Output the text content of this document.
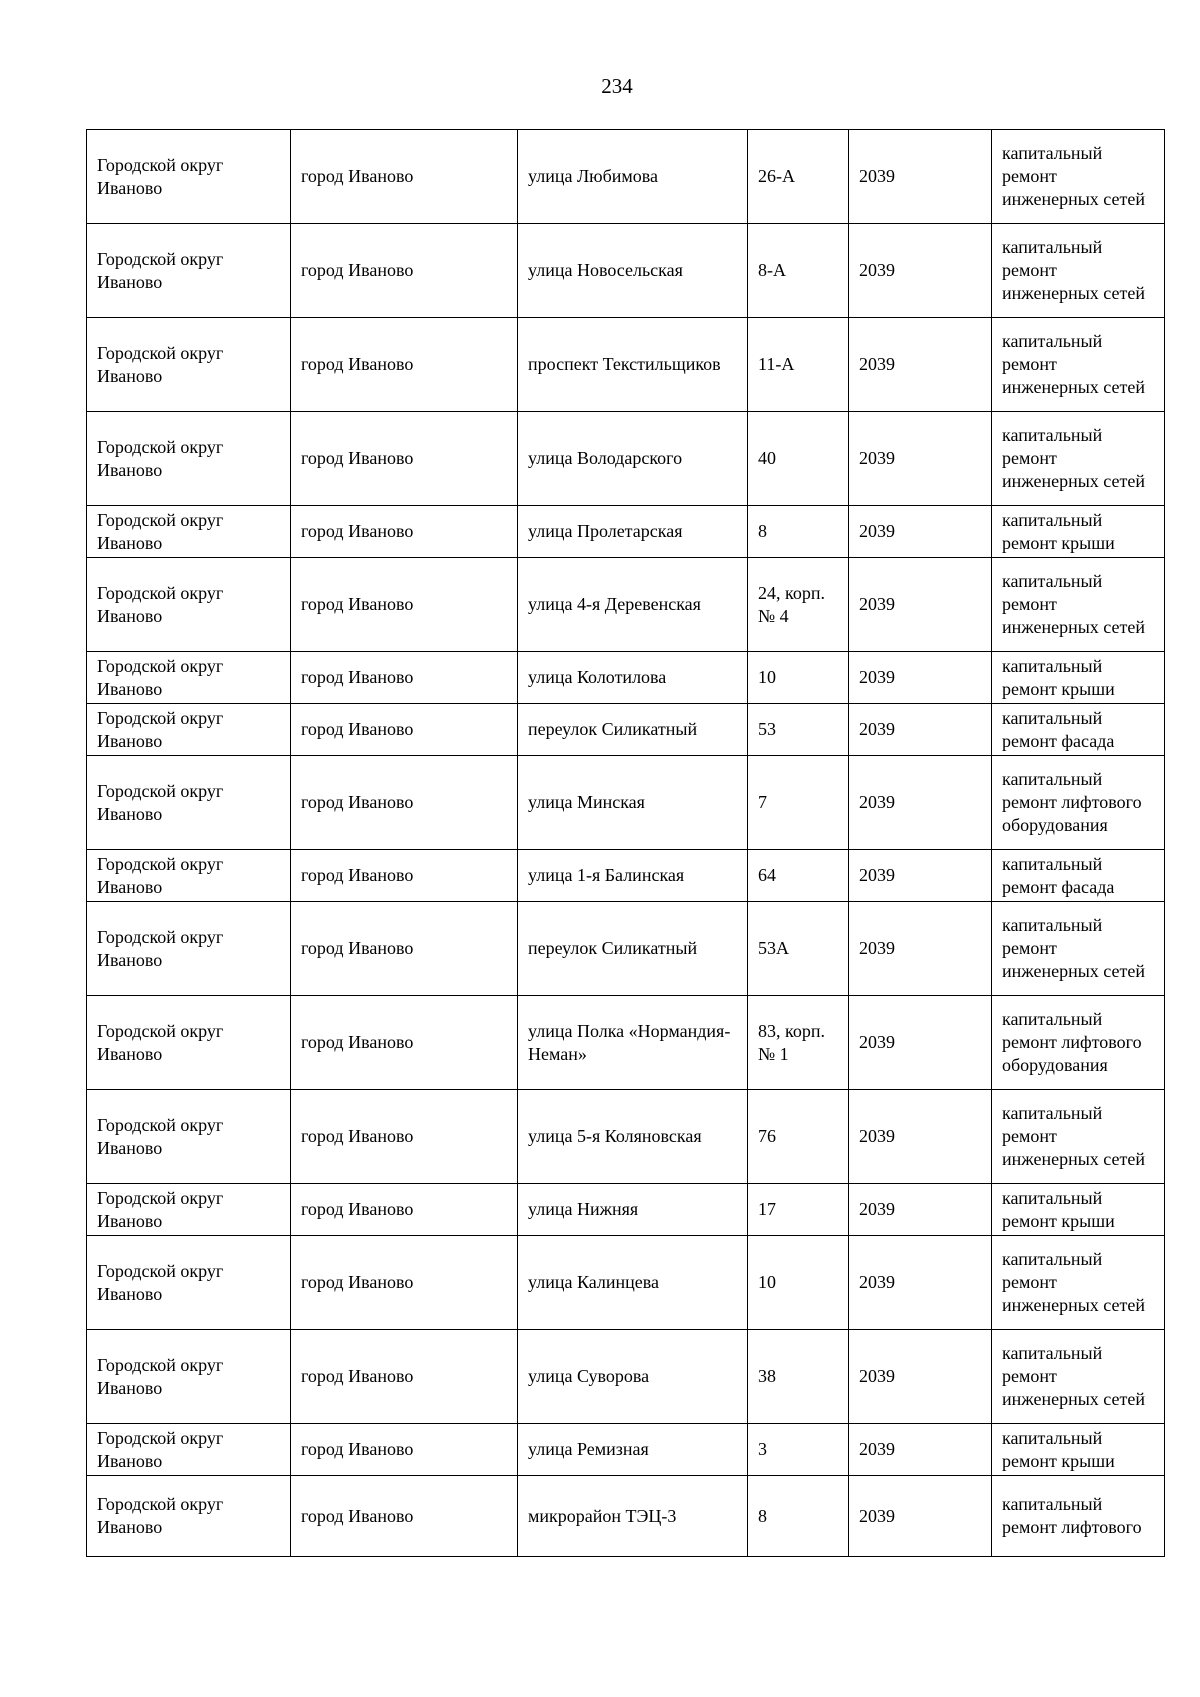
234
Городской округ Иваново	город Иваново	улица Любимова	26-А	2039	капитальный ремонт инженерных сетей
Городской округ Иваново	город Иваново	улица Новосельская	8-А	2039	капитальный ремонт инженерных сетей
Городской округ Иваново	город Иваново	проспект Текстильщиков	11-А	2039	капитальный ремонт инженерных сетей
Городской округ Иваново	город Иваново	улица Володарского	40	2039	капитальный ремонт инженерных сетей
Городской округ Иваново	город Иваново	улица Пролетарская	8	2039	капитальный ремонт крыши
Городской округ Иваново	город Иваново	улица 4-я Деревенская	24, корп. № 4	2039	капитальный ремонт инженерных сетей
Городской округ Иваново	город Иваново	улица Колотилова	10	2039	капитальный ремонт крыши
Городской округ Иваново	город Иваново	переулок Силикатный	53	2039	капитальный ремонт фасада
Городской округ Иваново	город Иваново	улица Минская	7	2039	капитальный ремонт лифтового оборудования
Городской округ Иваново	город Иваново	улица 1-я Балинская	64	2039	капитальный ремонт фасада
Городской округ Иваново	город Иваново	переулок Силикатный	53А	2039	капитальный ремонт инженерных сетей
Городской округ Иваново	город Иваново	улица Полка «Нормандия-Неман»	83, корп. № 1	2039	капитальный ремонт лифтового оборудования
Городской округ Иваново	город Иваново	улица 5-я Коляновская	76	2039	капитальный ремонт инженерных сетей
Городской округ Иваново	город Иваново	улица Нижняя	17	2039	капитальный ремонт крыши
Городской округ Иваново	город Иваново	улица Калинцева	10	2039	капитальный ремонт инженерных сетей
Городской округ Иваново	город Иваново	улица Суворова	38	2039	капитальный ремонт инженерных сетей
Городской округ Иваново	город Иваново	улица Ремизная	3	2039	капитальный ремонт крыши
Городской округ Иваново	город Иваново	микрорайон ТЭЦ-3	8	2039	капитальный ремонт лифтового
